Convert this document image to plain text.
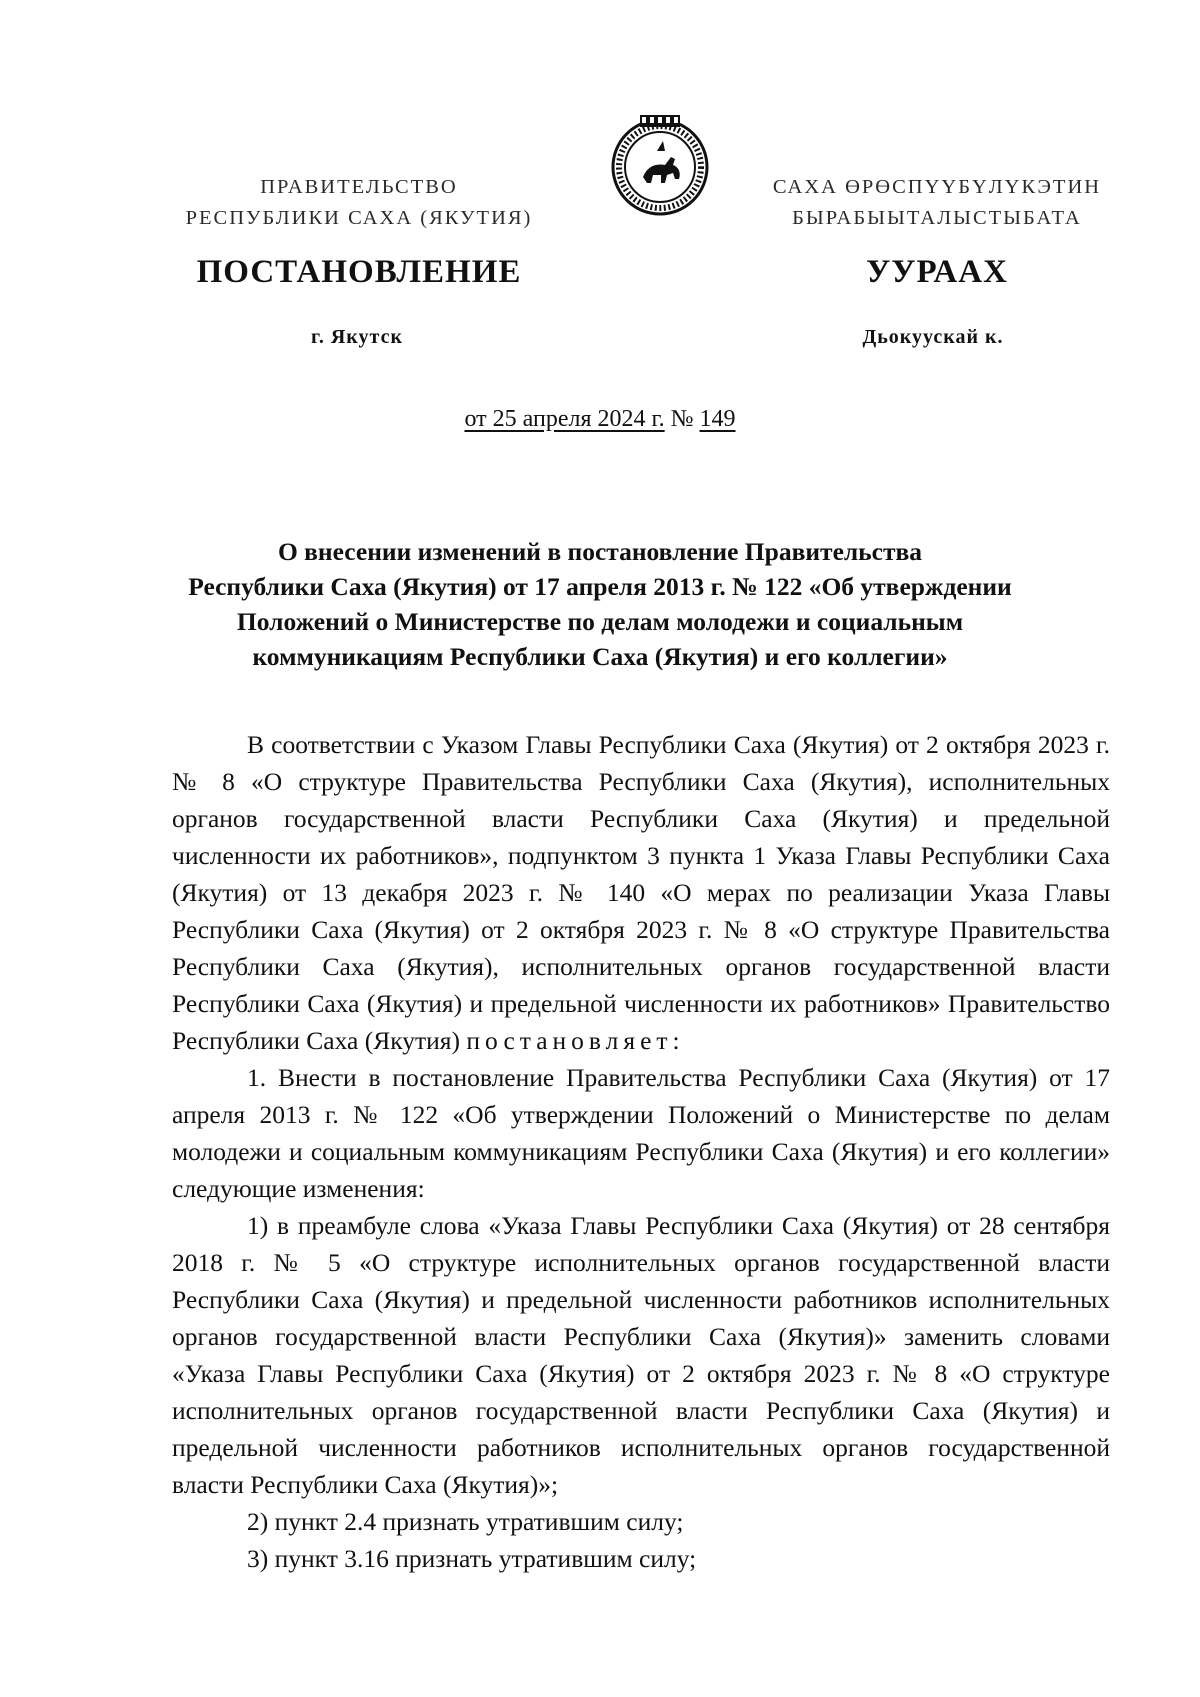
ПРАВИТЕЛЬСТВО
РЕСПУБЛИКИ САХА (ЯКУТИЯ)
САХА ӨРӨСПҮҮБҮЛҮКЭТИН
БЫРАБЫЫТАЛЫСТЫБАТА
ПОСТАНОВЛЕНИЕ	УУРААХ
г. Якутск	Дьокуускай к.
от 25 апреля 2024 г. № 149
О внесении изменений в постановление Правительства
Республики Саха (Якутия) от 17 апреля 2013 г. № 122 «Об утверждении
Положений о Министерстве по делам молодежи и социальным
коммуникациям Республики Саха (Якутия) и его коллегии»

В соответствии с Указом Главы Республики Саха (Якутия) от 2 октября 2023 г. № 8 «О структуре Правительства Республики Саха (Якутия), исполнительных органов государственной власти Республики Саха (Якутия) и предельной численности их работников», подпунктом 3 пункта 1 Указа Главы Республики Саха (Якутия) от 13 декабря 2023 г. № 140 «О мерах по реализации Указа Главы Республики Саха (Якутия) от 2 октября 2023 г. № 8 «О структуре Правительства Республики Саха (Якутия), исполнительных органов государственной власти Республики Саха (Якутия) и предельной численности их работников» Правительство Республики Саха (Якутия) постановляет:

1. Внести в постановление Правительства Республики Саха (Якутия) от 17 апреля 2013 г. № 122 «Об утверждении Положений о Министерстве по делам молодежи и социальным коммуникациям Республики Саха (Якутия) и его коллегии» следующие изменения:

1) в преамбуле слова «Указа Главы Республики Саха (Якутия) от 28 сентября 2018 г. № 5 «О структуре исполнительных органов государственной власти Республики Саха (Якутия) и предельной численности работников исполнительных органов государственной власти Республики Саха (Якутия)» заменить словами «Указа Главы Республики Саха (Якутия) от 2 октября 2023 г. № 8 «О структуре исполнительных органов государственной власти Республики Саха (Якутия) и предельной численности работников исполнительных органов государственной власти Республики Саха (Якутия)»;

2) пункт 2.4 признать утратившим силу;

3) пункт 3.16 признать утратившим силу;
